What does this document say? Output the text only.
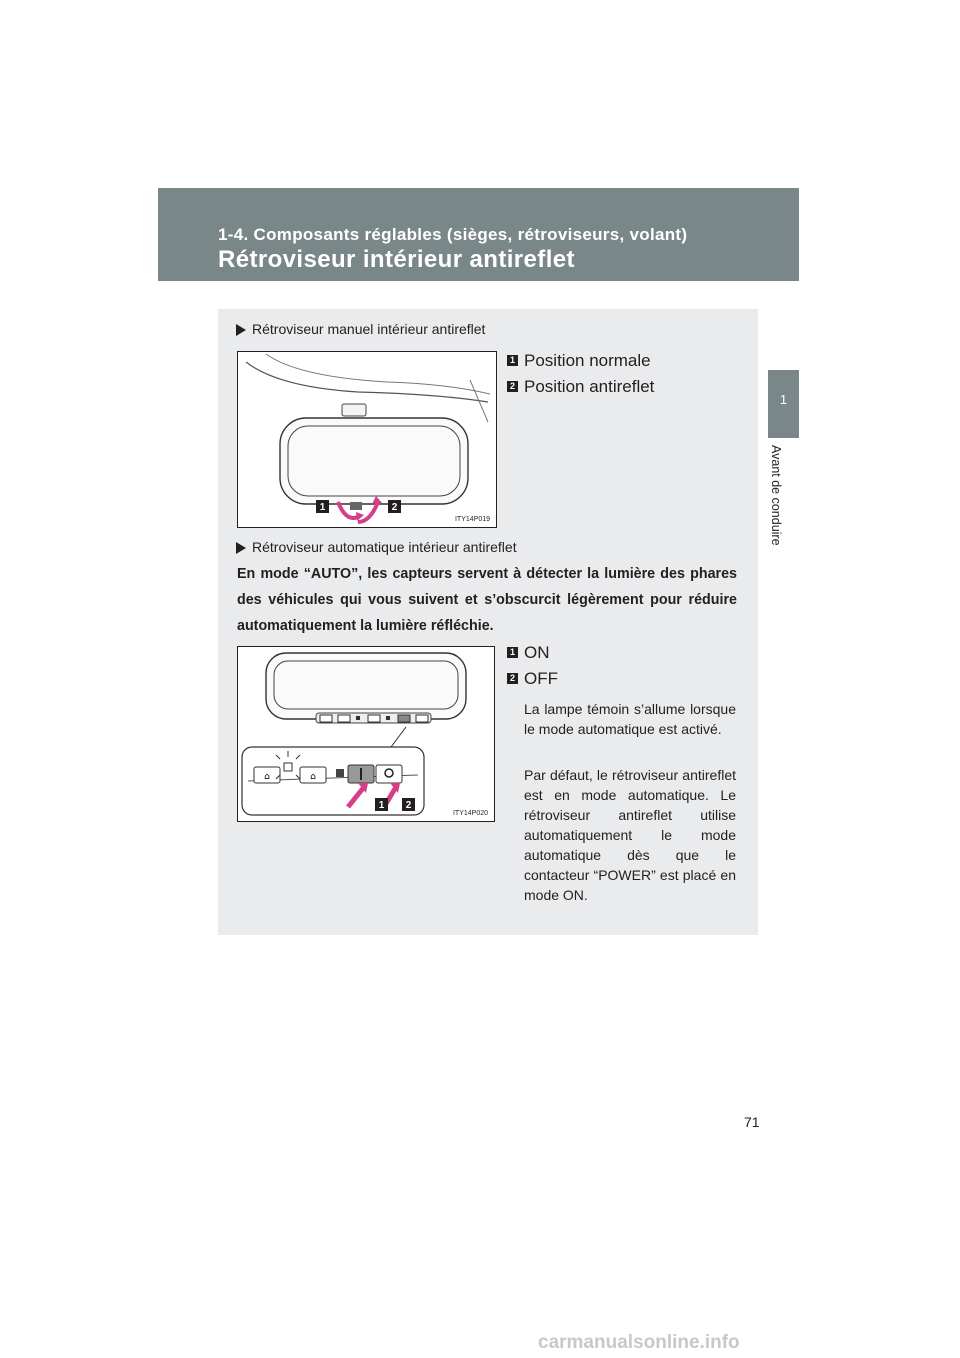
1-4. Composants réglables (sièges, rétroviseurs, volant)
Rétroviseur intérieur antireflet
1
Avant de conduire
Rétroviseur manuel intérieur antireflet
1	2
ITY14P019
1 Position normale
2 Position antireflet
Rétroviseur automatique intérieur antireflet
En mode “AUTO”, les capteurs servent à détecter la lumière des phares des véhicules qui vous suivent et s’obscurcit légèrement pour réduire automatiquement la lumière réfléchie.
⌂	⌂
1 2
ITY14P020
1 ON
2 OFF
La lampe témoin s’allume lorsque le mode automatique est activé.
Par défaut, le rétroviseur antireflet est en mode automatique. Le rétroviseur antireflet utilise automatiquement le mode automatique dès que le contacteur “POWER” est placé en mode ON.
71
carmanualsonline.info
